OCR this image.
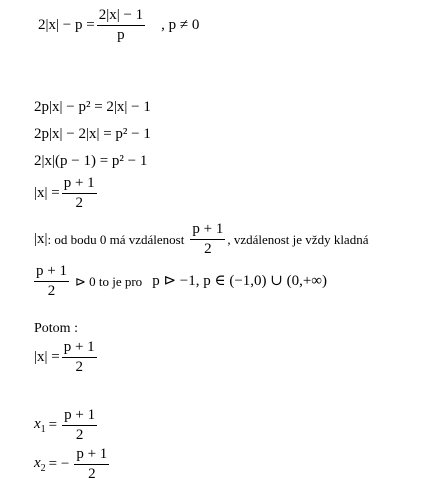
$2|x| - p = \frac{2|x| - 1}{p}$ , p ≠ 0
2p|x| − p² = 2|x| − 1
2p|x| − 2|x| = p² − 1
2|x|(p − 1) = p² − 1
$|x| = \frac{p + 1}{2}$
|x| : od bodu 0 má vzdálenost $\frac{p + 1}{2}$ , vzdálenost je vždy kladná
$\frac{p + 1}{2}$ ⊳ 0 to je pro p ⊳ −1, p ∈ (−1,0) ∪ (0,+∞)
Potom :
$|x| = \frac{p + 1}{2}$
$x_1 = \frac{p + 1}{2}$
$x_2$ = − $\frac{p + 1}{2}$
